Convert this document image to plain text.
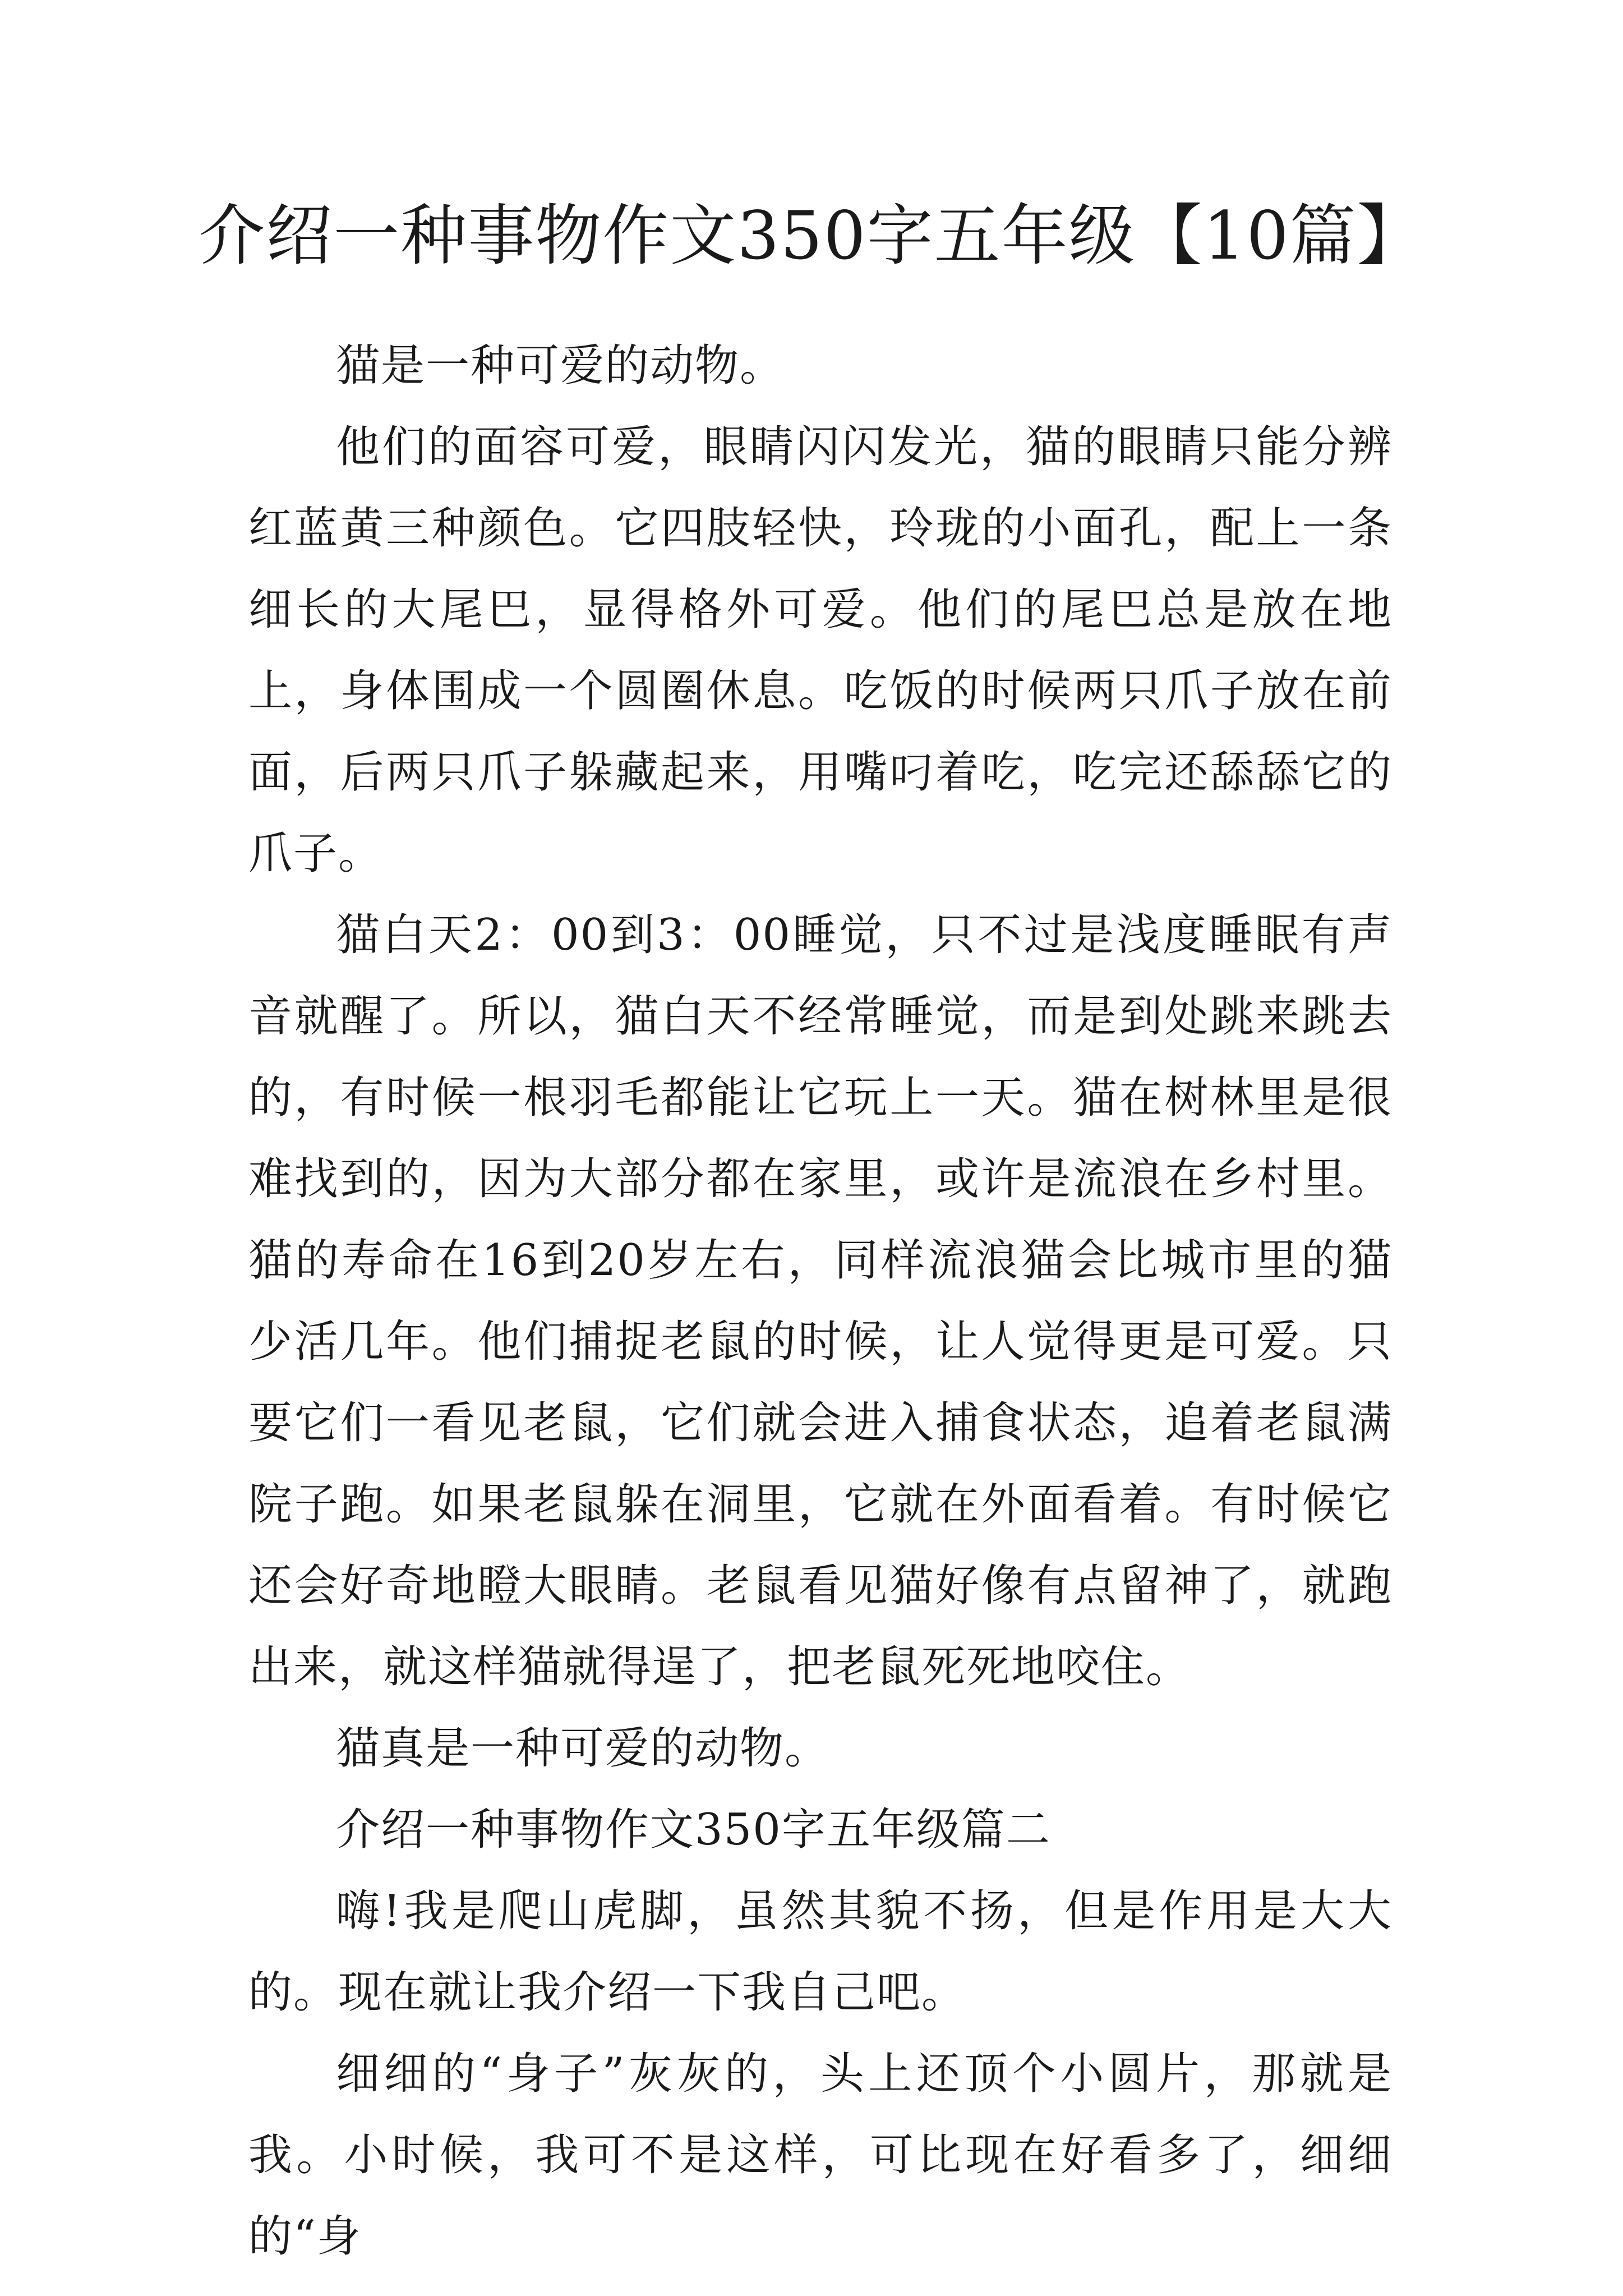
介绍一种事物作文350字五年级【10篇】

猫是一种可爱的动物。

他们的面容可爱，眼睛闪闪发光，猫的眼睛只能分辨红蓝黄三种颜色。它四肢轻快，玲珑的小面孔，配上一条细长的大尾巴，显得格外可爱。他们的尾巴总是放在地上，身体围成一个圆圈休息。吃饭的时候两只爪子放在前面，后两只爪子躲藏起来，用嘴叼着吃，吃完还舔舔它的爪子。

猫白天2：00到3：00睡觉，只不过是浅度睡眠有声音就醒了。所以，猫白天不经常睡觉，而是到处跳来跳去的，有时候一根羽毛都能让它玩上一天。猫在树林里是很难找到的，因为大部分都在家里，或许是流浪在乡村里。猫的寿命在16到20岁左右，同样流浪猫会比城市里的猫少活几年。他们捕捉老鼠的时候，让人觉得更是可爱。只要它们一看见老鼠，它们就会进入捕食状态，追着老鼠满院子跑。如果老鼠躲在洞里，它就在外面看着。有时候它还会好奇地瞪大眼睛。老鼠看见猫好像有点留神了，就跑出来，就这样猫就得逞了，把老鼠死死地咬住。

猫真是一种可爱的动物。

介绍一种事物作文350字五年级篇二

嗨!我是爬山虎脚，虽然其貌不扬，但是作用是大大的。现在就让我介绍一下我自己吧。

细细的“身子”灰灰的，头上还顶个小圆片，那就是我。小时候，我可不是这样，可比现在好看多了，细细的“身
